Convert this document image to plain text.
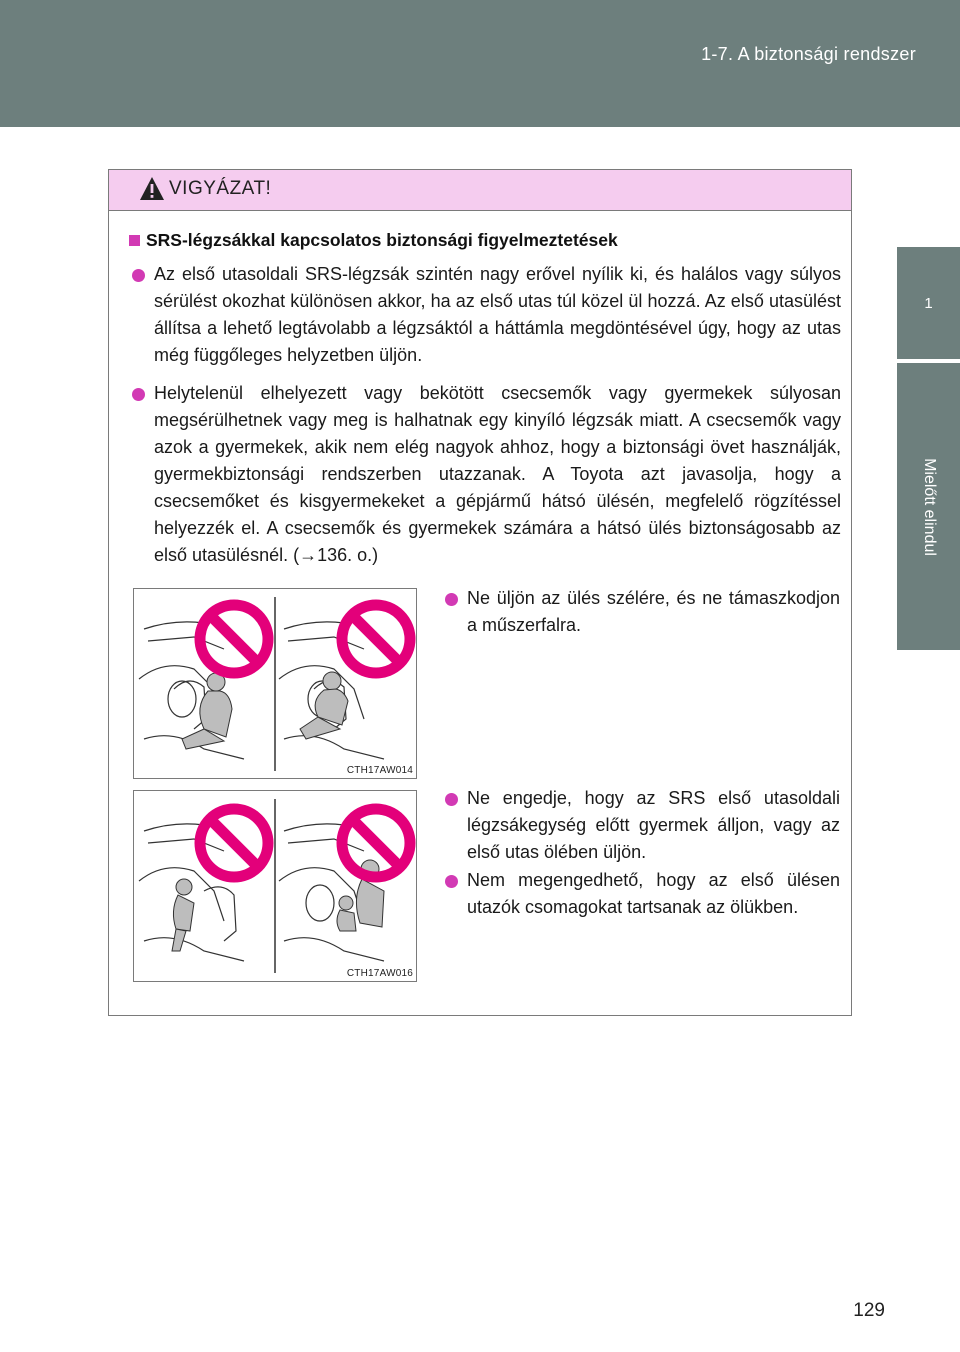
1-7. A biztonsági rendszer
1
Mielőtt elindul
VIGYÁZAT!
SRS-légzsákkal kapcsolatos biztonsági figyelmeztetések
Az első utasoldali SRS-légzsák szintén nagy erővel nyílik ki, és halálos vagy súlyos sérülést okozhat különösen akkor, ha az első utas túl közel ül hozzá. Az első utasülést állítsa a lehető legtávolabb a légzsáktól a háttámla megdöntésével úgy, hogy az utas még függőleges helyzetben üljön.
Helytelenül elhelyezett vagy bekötött csecsemők vagy gyermekek súlyosan megsérülhetnek vagy meg is halhatnak egy kinyíló légzsák miatt. A csecsemők vagy azok a gyermekek, akik nem elég nagyok ahhoz, hogy a biztonsági övet használják, gyermekbiztonsági rendszerben utazzanak. A Toyota azt javasolja, hogy a csecsemőket és kisgyermekeket a gépjármű hátsó ülésén, megfelelő rögzítéssel helyezzék el. A csecsemők és gyermekek számára a hátsó ülés biztonságosabb az első utasülésnél. (→136. o.)
CTH17AW014
Ne üljön az ülés szélére, és ne támaszkodjon a műszerfalra.
CTH17AW016
Ne engedje, hogy az SRS első utasoldali légzsákegység előtt gyermek álljon, vagy az első utas ölében üljön.
Nem megengedhető, hogy az első ülésen utazók csomagokat tartsanak az ölükben.
129
